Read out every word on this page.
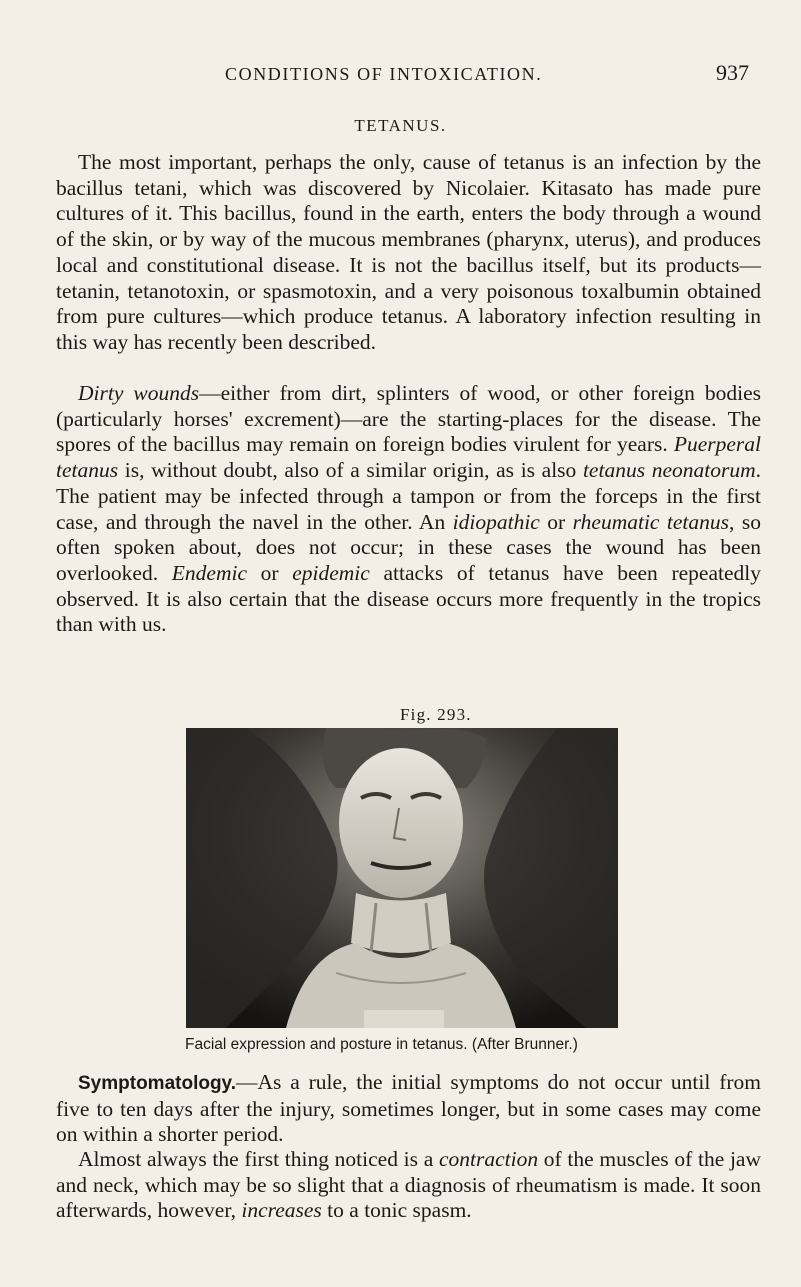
CONDITIONS OF INTOXICATION.	937
TETANUS.

The most important, perhaps the only, cause of tetanus is an infection by the bacillus tetani, which was discovered by Nicolaier. Kitasato has made pure cultures of it. This bacillus, found in the earth, enters the body through a wound of the skin, or by way of the mucous membranes (pharynx, uterus), and produces local and constitutional disease. It is not the bacillus itself, but its products—tetanin, tetanotoxin, or spasmotoxin, and a very poisonous toxalbumin obtained from pure cultures—which produce tetanus. A laboratory infection resulting in this way has recently been described.

Dirty wounds—either from dirt, splinters of wood, or other foreign bodies (particularly horses' excrement)—are the starting-places for the disease. The spores of the bacillus may remain on foreign bodies virulent for years. Puerperal tetanus is, without doubt, also of a similar origin, as is also tetanus neonatorum. The patient may be infected through a tampon or from the forceps in the first case, and through the navel in the other. An idiopathic or rheumatic tetanus, so often spoken about, does not occur; in these cases the wound has been overlooked. Endemic or epidemic attacks of tetanus have been repeatedly observed. It is also certain that the disease occurs more frequently in the tropics than with us.

Fig. 293.
Facial expression and posture in tetanus. (After Brunner.)

Symptomatology.—As a rule, the initial symptoms do not occur until from five to ten days after the injury, sometimes longer, but in some cases may come on within a shorter period.

Almost always the first thing noticed is a contraction of the muscles of the jaw and neck, which may be so slight that a diagnosis of rheumatism is made. It soon afterwards, however, increases to a tonic spasm.
